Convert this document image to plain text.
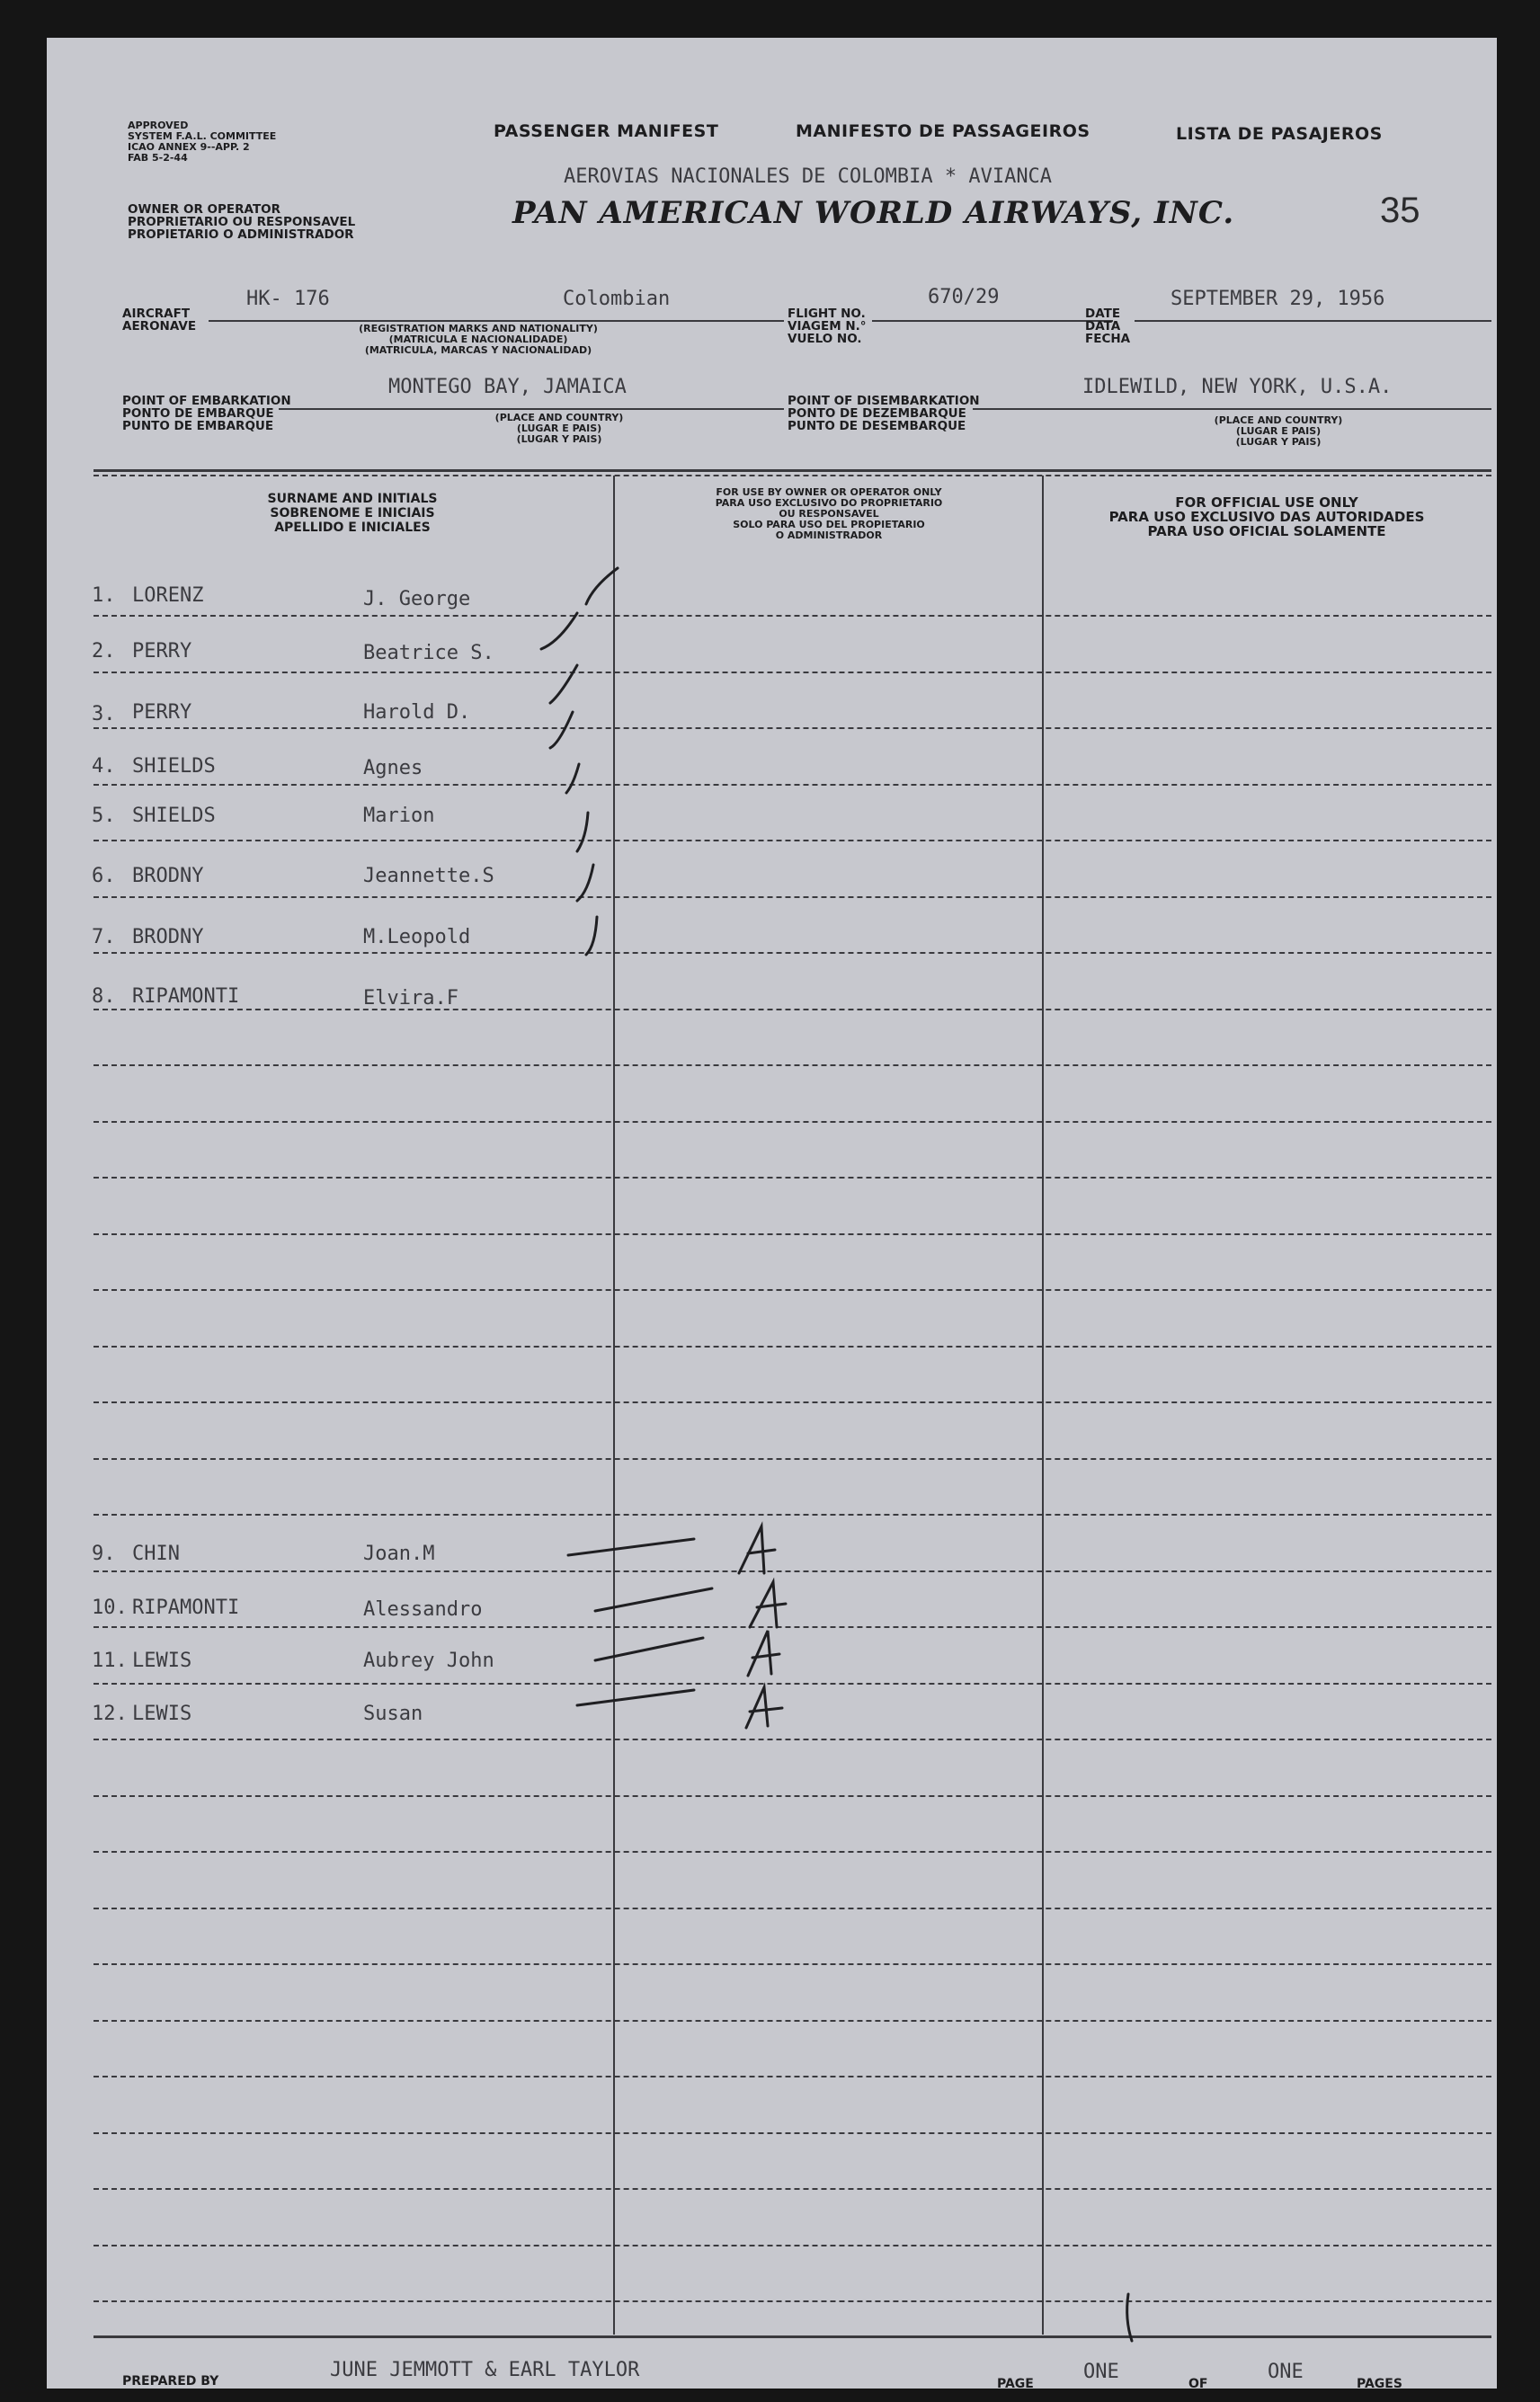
APPROVED
SYSTEM F.A.L. COMMITTEE
ICAO ANNEX 9--APP. 2
FAB 5-2-44
OWNER OR OPERATOR
PROPRIETARIO OU RESPONSAVEL
PROPIETARIO O ADMINISTRADOR
PASSENGER MANIFEST	MANIFESTO DE PASSAGEIROS	LISTA DE PASAJEROS
AEROVIAS NACIONALES DE COLOMBIA * AVIANCA
PAN AMERICAN WORLD AIRWAYS, INC.	35
AIRCRAFT
AERONAVE
HK- 176	Colombian
(REGISTRATION MARKS AND NATIONALITY)
(MATRICULA E NACIONALIDADE)
(MATRICULA, MARCAS Y NACIONALIDAD)
FLIGHT NO.
VIAGEM N.°
VUELO NO.
670/29
DATE
DATA
FECHA
SEPTEMBER 29, 1956
POINT OF EMBARKATION
PONTO DE EMBARQUE
PUNTO DE EMBARQUE
MONTEGO BAY, JAMAICA
(PLACE AND COUNTRY)
(LUGAR E PAIS)
(LUGAR Y PAIS)
POINT OF DISEMBARKATION
PONTO DE DEZEMBARQUE
PUNTO DE DESEMBARQUE
IDLEWILD, NEW YORK, U.S.A.
(PLACE AND COUNTRY)
(LUGAR E PAIS)
(LUGAR Y PAIS)
SURNAME AND INITIALS
SOBRENOME E INICIAIS
APELLIDO E INICIALES
FOR USE BY OWNER OR OPERATOR ONLY
PARA USO EXCLUSIVO DO PROPRIETARIO
OU RESPONSAVEL
SOLO PARA USO DEL PROPIETARIO
O ADMINISTRADOR
FOR OFFICIAL USE ONLY
PARA USO EXCLUSIVO DAS AUTORIDADES
PARA USO OFICIAL SOLAMENTE
1. LORENZ	J. George
2. PERRY	Beatrice S.
3. PERRY	Harold D.
4. SHIELDS	Agnes
5. SHIELDS	Marion
6. BRODNY	Jeannette.S
7. BRODNY	M.Leopold
8. RIPAMONTI	Elvira.F
9. CHIN	Joan.M
10. RIPAMONTI	Alessandro
11. LEWIS	Aubrey John
12. LEWIS	Susan
PREPARED BY	JUNE JEMMOTT & EARL TAYLOR
PAGE
ONE
OF
ONE
PAGES
